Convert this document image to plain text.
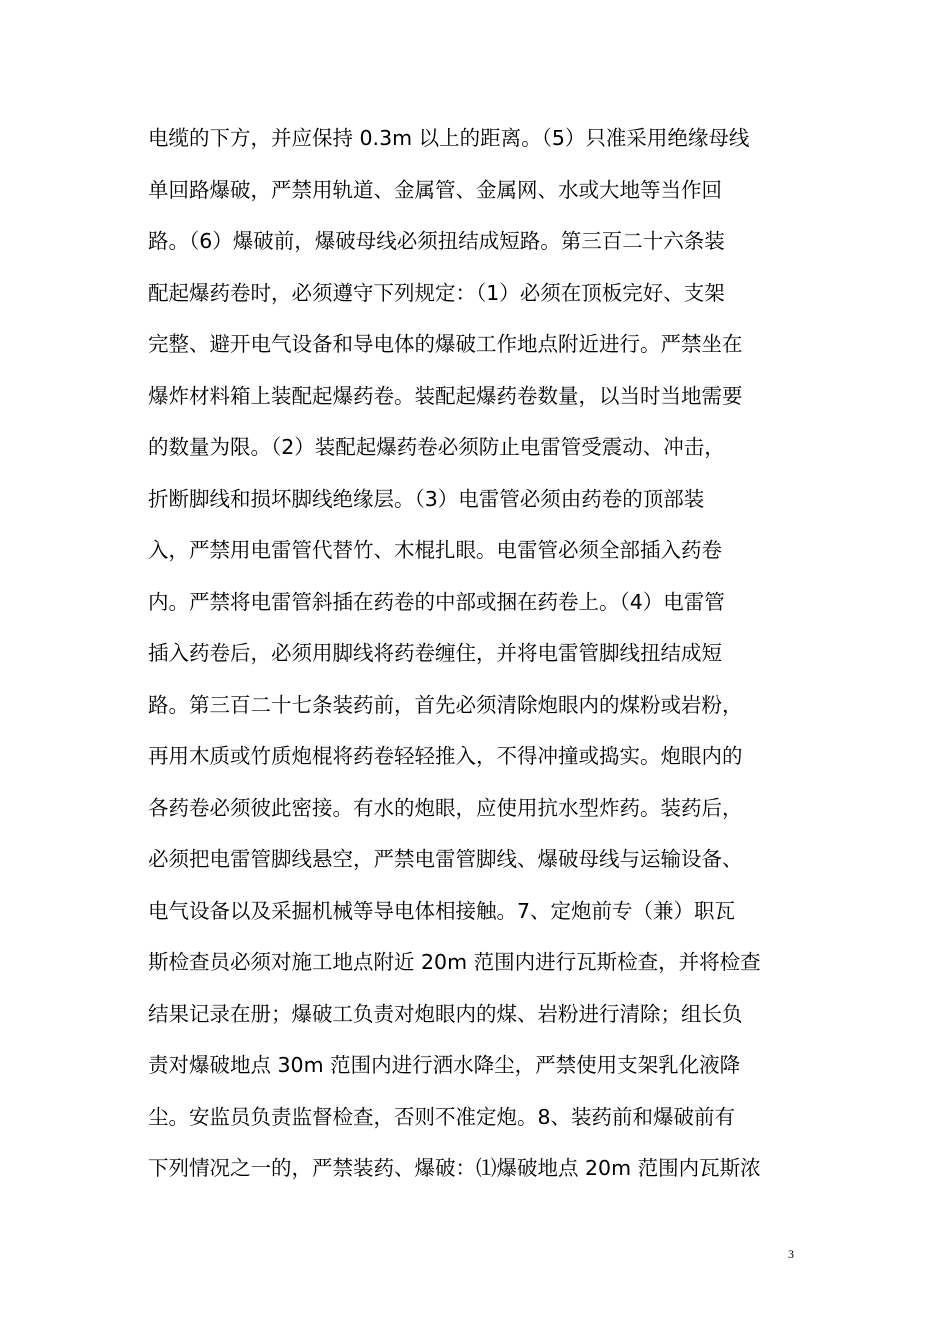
电缆的下方，并应保持 0.3m 以上的距离。（5）只准采用绝缘母线
单回路爆破，严禁用轨道、金属管、金属网、水或大地等当作回
路。（6）爆破前，爆破母线必须扭结成短路。第三百二十六条装
配起爆药卷时，必须遵守下列规定：（1）必须在顶板完好、支架
完整、避开电气设备和导电体的爆破工作地点附近进行。严禁坐在
爆炸材料箱上装配起爆药卷。装配起爆药卷数量，以当时当地需要
的数量为限。（2）装配起爆药卷必须防止电雷管受震动、冲击，
折断脚线和损坏脚线绝缘层。（3）电雷管必须由药卷的顶部装
入，严禁用电雷管代替竹、木棍扎眼。电雷管必须全部插入药卷
内。严禁将电雷管斜插在药卷的中部或捆在药卷上。（4）电雷管
插入药卷后，必须用脚线将药卷缠住，并将电雷管脚线扭结成短
路。第三百二十七条装药前，首先必须清除炮眼内的煤粉或岩粉，
再用木质或竹质炮棍将药卷轻轻推入，不得冲撞或捣实。炮眼内的
各药卷必须彼此密接。有水的炮眼，应使用抗水型炸药。装药后，
必须把电雷管脚线悬空，严禁电雷管脚线、爆破母线与运输设备、
电气设备以及采掘机械等导电体相接触。7、定炮前专（兼）职瓦
斯检查员必须对施工地点附近 20m 范围内进行瓦斯检查，并将检查
结果记录在册；爆破工负责对炮眼内的煤、岩粉进行清除；组长负
责对爆破地点 30m 范围内进行洒水降尘，严禁使用支架乳化液降
尘。安监员负责监督检查，否则不准定炮。8、装药前和爆破前有
下列情况之一的，严禁装药、爆破：⑴爆破地点 20m 范围内瓦斯浓
3
